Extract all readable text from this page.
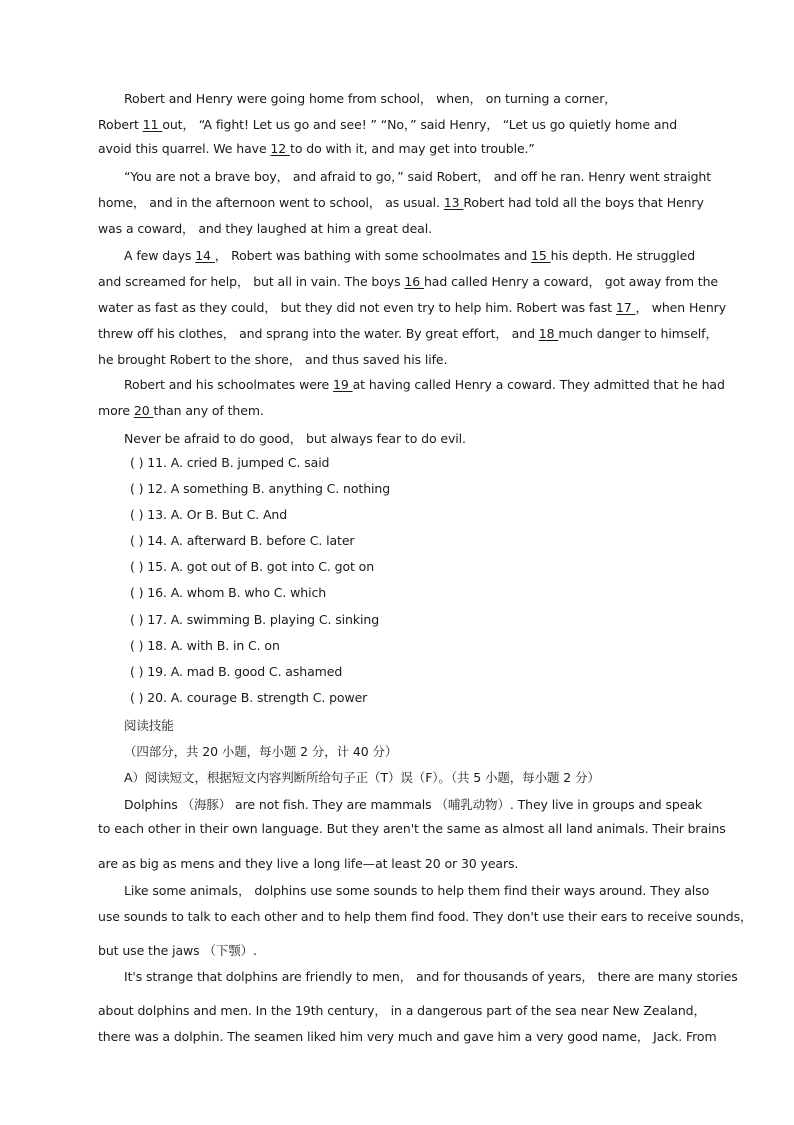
Robert and Henry were going home from school， when， on turning a corner，
Robert 11 out， “A fight! Let us go and see! ” “No，” said Henry， “Let us go quietly home and
avoid this quarrel. We have 12 to do with it, and may get into trouble.”
“You are not a brave boy， and afraid to go，” said Robert， and off he ran. Henry went straight
home， and in the afternoon went to school， as usual. 13 Robert had told all the boys that Henry
was a coward， and they laughed at him a great deal.
A few days 14 ， Robert was bathing with some schoolmates and 15 his depth. He struggled
and screamed for help， but all in vain. The boys 16 had called Henry a coward， got away from the
water as fast as they could， but they did not even try to help him. Robert was fast 17 ， when Henry
threw off his clothes， and sprang into the water. By great effort， and 18 much danger to himself，
he brought Robert to the shore， and thus saved his life.
Robert and his schoolmates were 19 at having called Henry a coward. They admitted that he had
more 20 than any of them.
Never be afraid to do good， but always fear to do evil.
( ) 11. A. cried B. jumped C. said
( ) 12. A something B. anything C. nothing
( ) 13. A. Or B. But C. And
( ) 14. A. afterward B. before C. later
( ) 15. A. got out of B. got into C. got on
( ) 16. A. whom B. who C. which
( ) 17. A. swimming B. playing C. sinking
( ) 18. A. with B. in C. on
( ) 19. A. mad B. good C. ashamed
( ) 20. A. courage B. strength C. power
阅读技能
（四部分，共 20 小题，每小题 2 分，计 40 分）
A）阅读短文，根据短文内容判断所给句子正（T）误（F）。（共 5 小题，每小题 2 分）
Dolphins （海豚） are not fish. They are mammals （哺乳动物）. They live in groups and speak
to each other in their own language. But they aren't the same as almost all land animals. Their brains
are as big as mens and they live a long life—at least 20 or 30 years.
Like some animals， dolphins use some sounds to help them find their ways around. They also
use sounds to talk to each other and to help them find food. They don't use their ears to receive sounds，
but use the jaws （下颚）.
It's strange that dolphins are friendly to men， and for thousands of years， there are many stories
about dolphins and men. In the 19th century， in a dangerous part of the sea near New Zealand，
there was a dolphin. The seamen liked him very much and gave him a very good name， Jack. From
